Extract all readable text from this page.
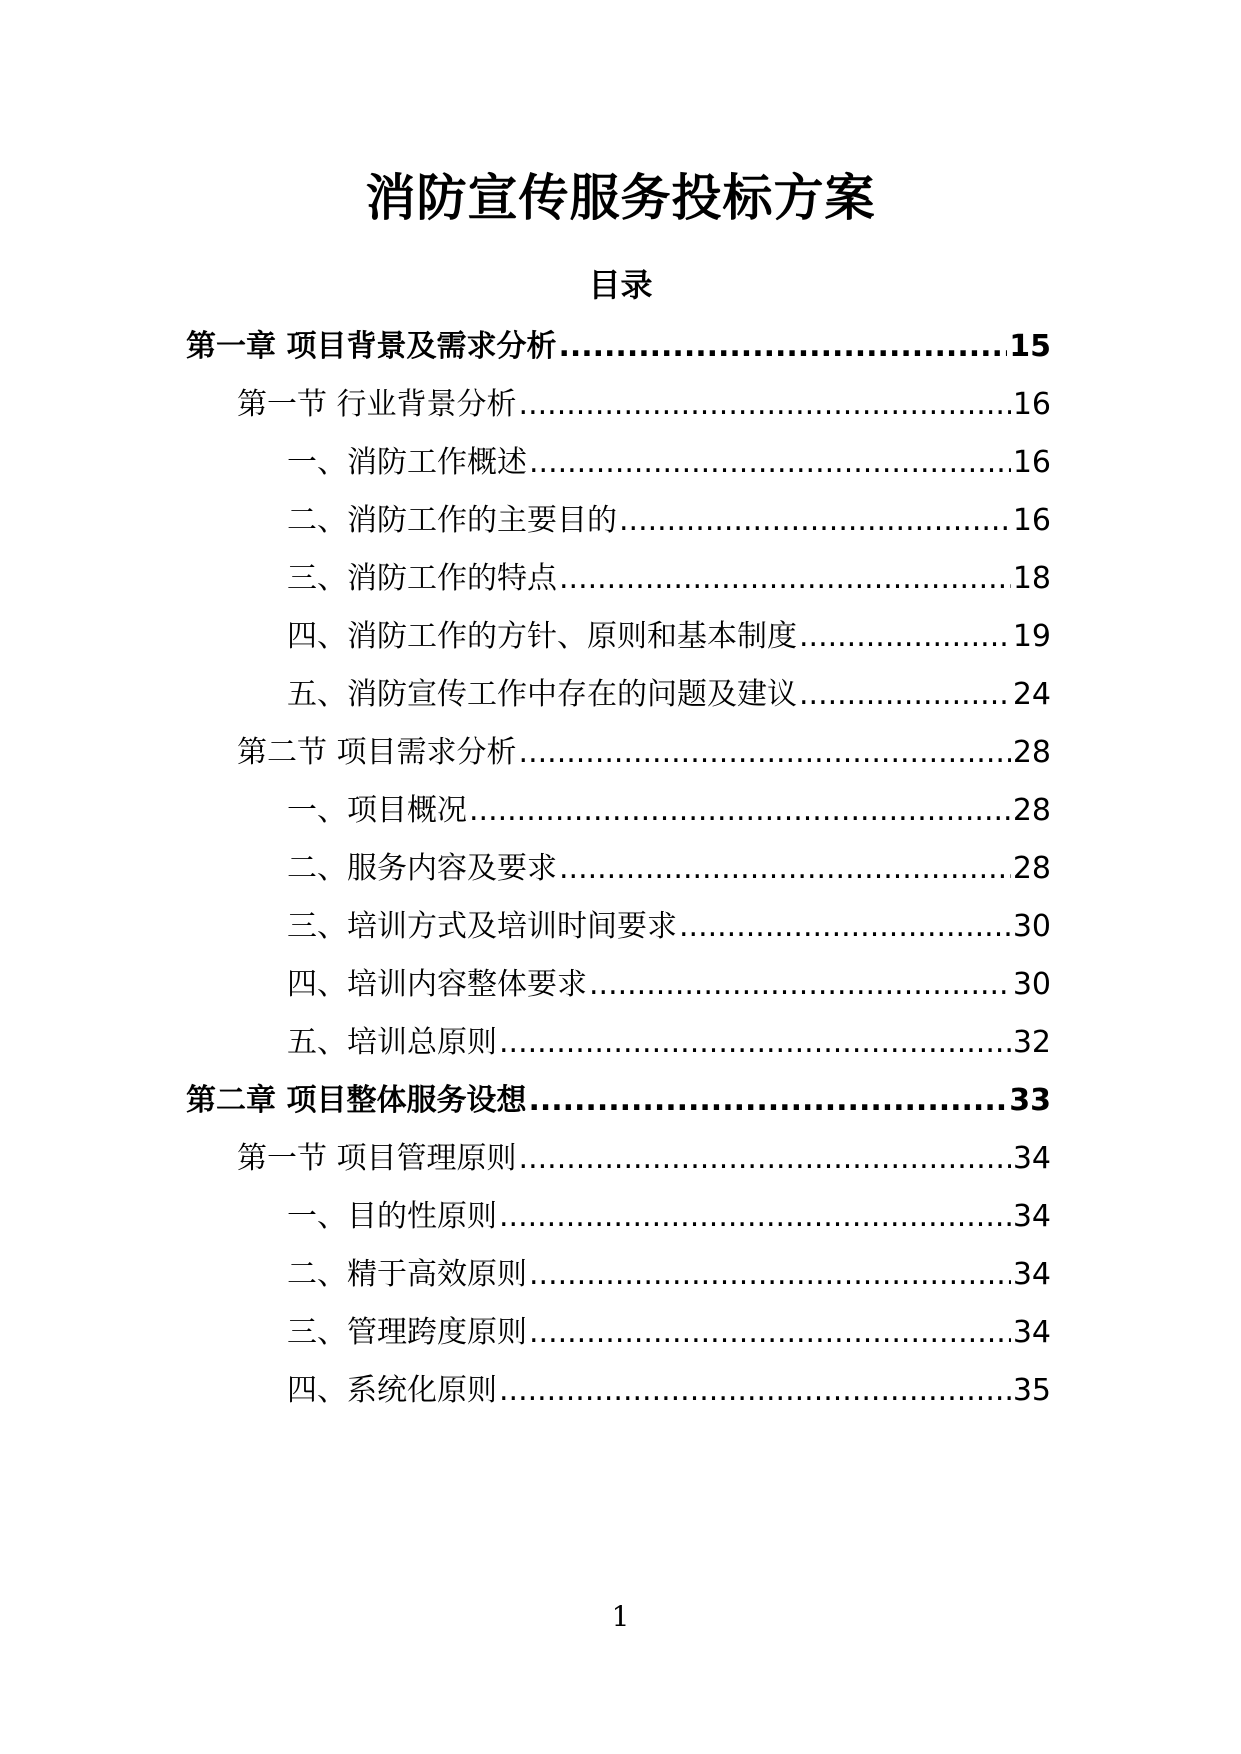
消防宣传服务投标方案
目录
第一章 项目背景及需求分析 .....	15
第一节 行业背景分析 .....	16
一、消防工作概述 .....	16
二、消防工作的主要目的 .....	16
三、消防工作的特点 .....	18
四、消防工作的方针、原则和基本制度 .....	19
五、消防宣传工作中存在的问题及建议 .....	24
第二节 项目需求分析 .....	28
一、项目概况 .....	28
二、服务内容及要求 .....	28
三、培训方式及培训时间要求 .....	30
四、培训内容整体要求 .....	30
五、培训总原则 .....	32
第二章 项目整体服务设想 .....	33
第一节 项目管理原则 .....	34
一、目的性原则 .....	34
二、精于高效原则 .....	34
三、管理跨度原则 .....	34
四、系统化原则 .....	35
1
